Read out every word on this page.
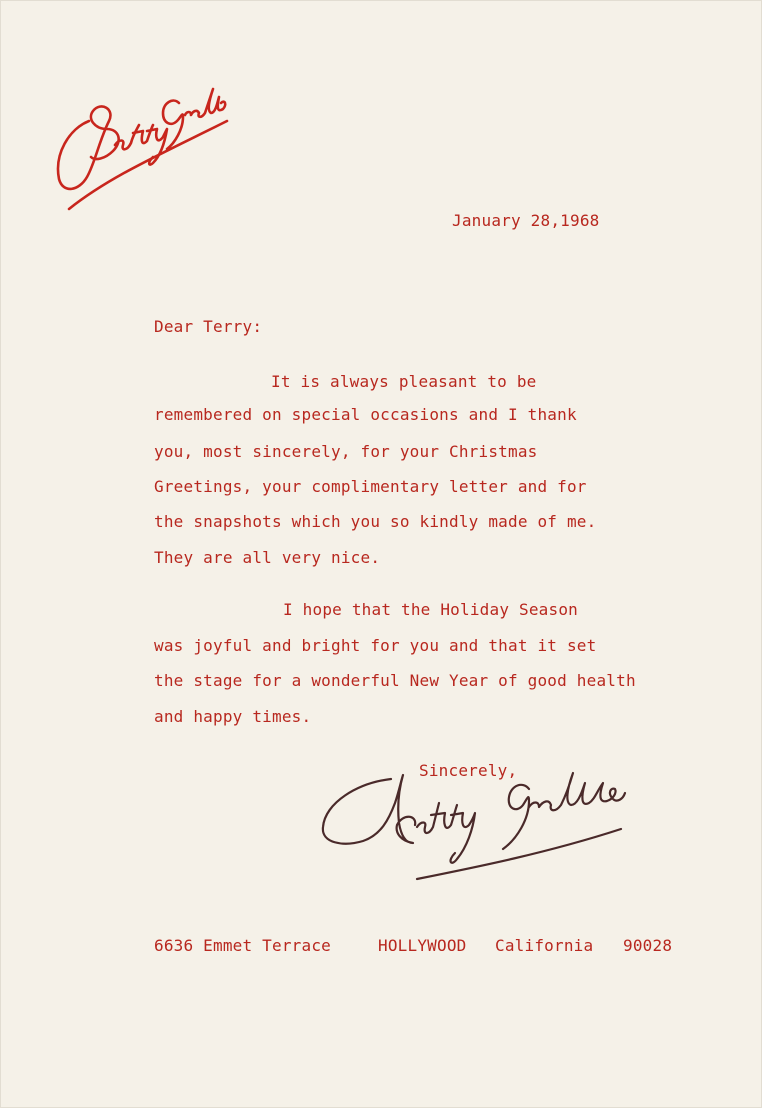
January 28,1968
Dear Terry:
It is always pleasant to be
remembered on special occasions and I thank
you, most sincerely, for your Christmas
Greetings, your complimentary letter and for
the snapshots which you so kindly made of me.
They are all very nice.
I hope that the Holiday Season
was joyful and bright for you and that it set
the stage for a wonderful New Year of good health
and happy times.
Sincerely,
6636 Emmet Terrace	HOLLYWOOD California 90028
